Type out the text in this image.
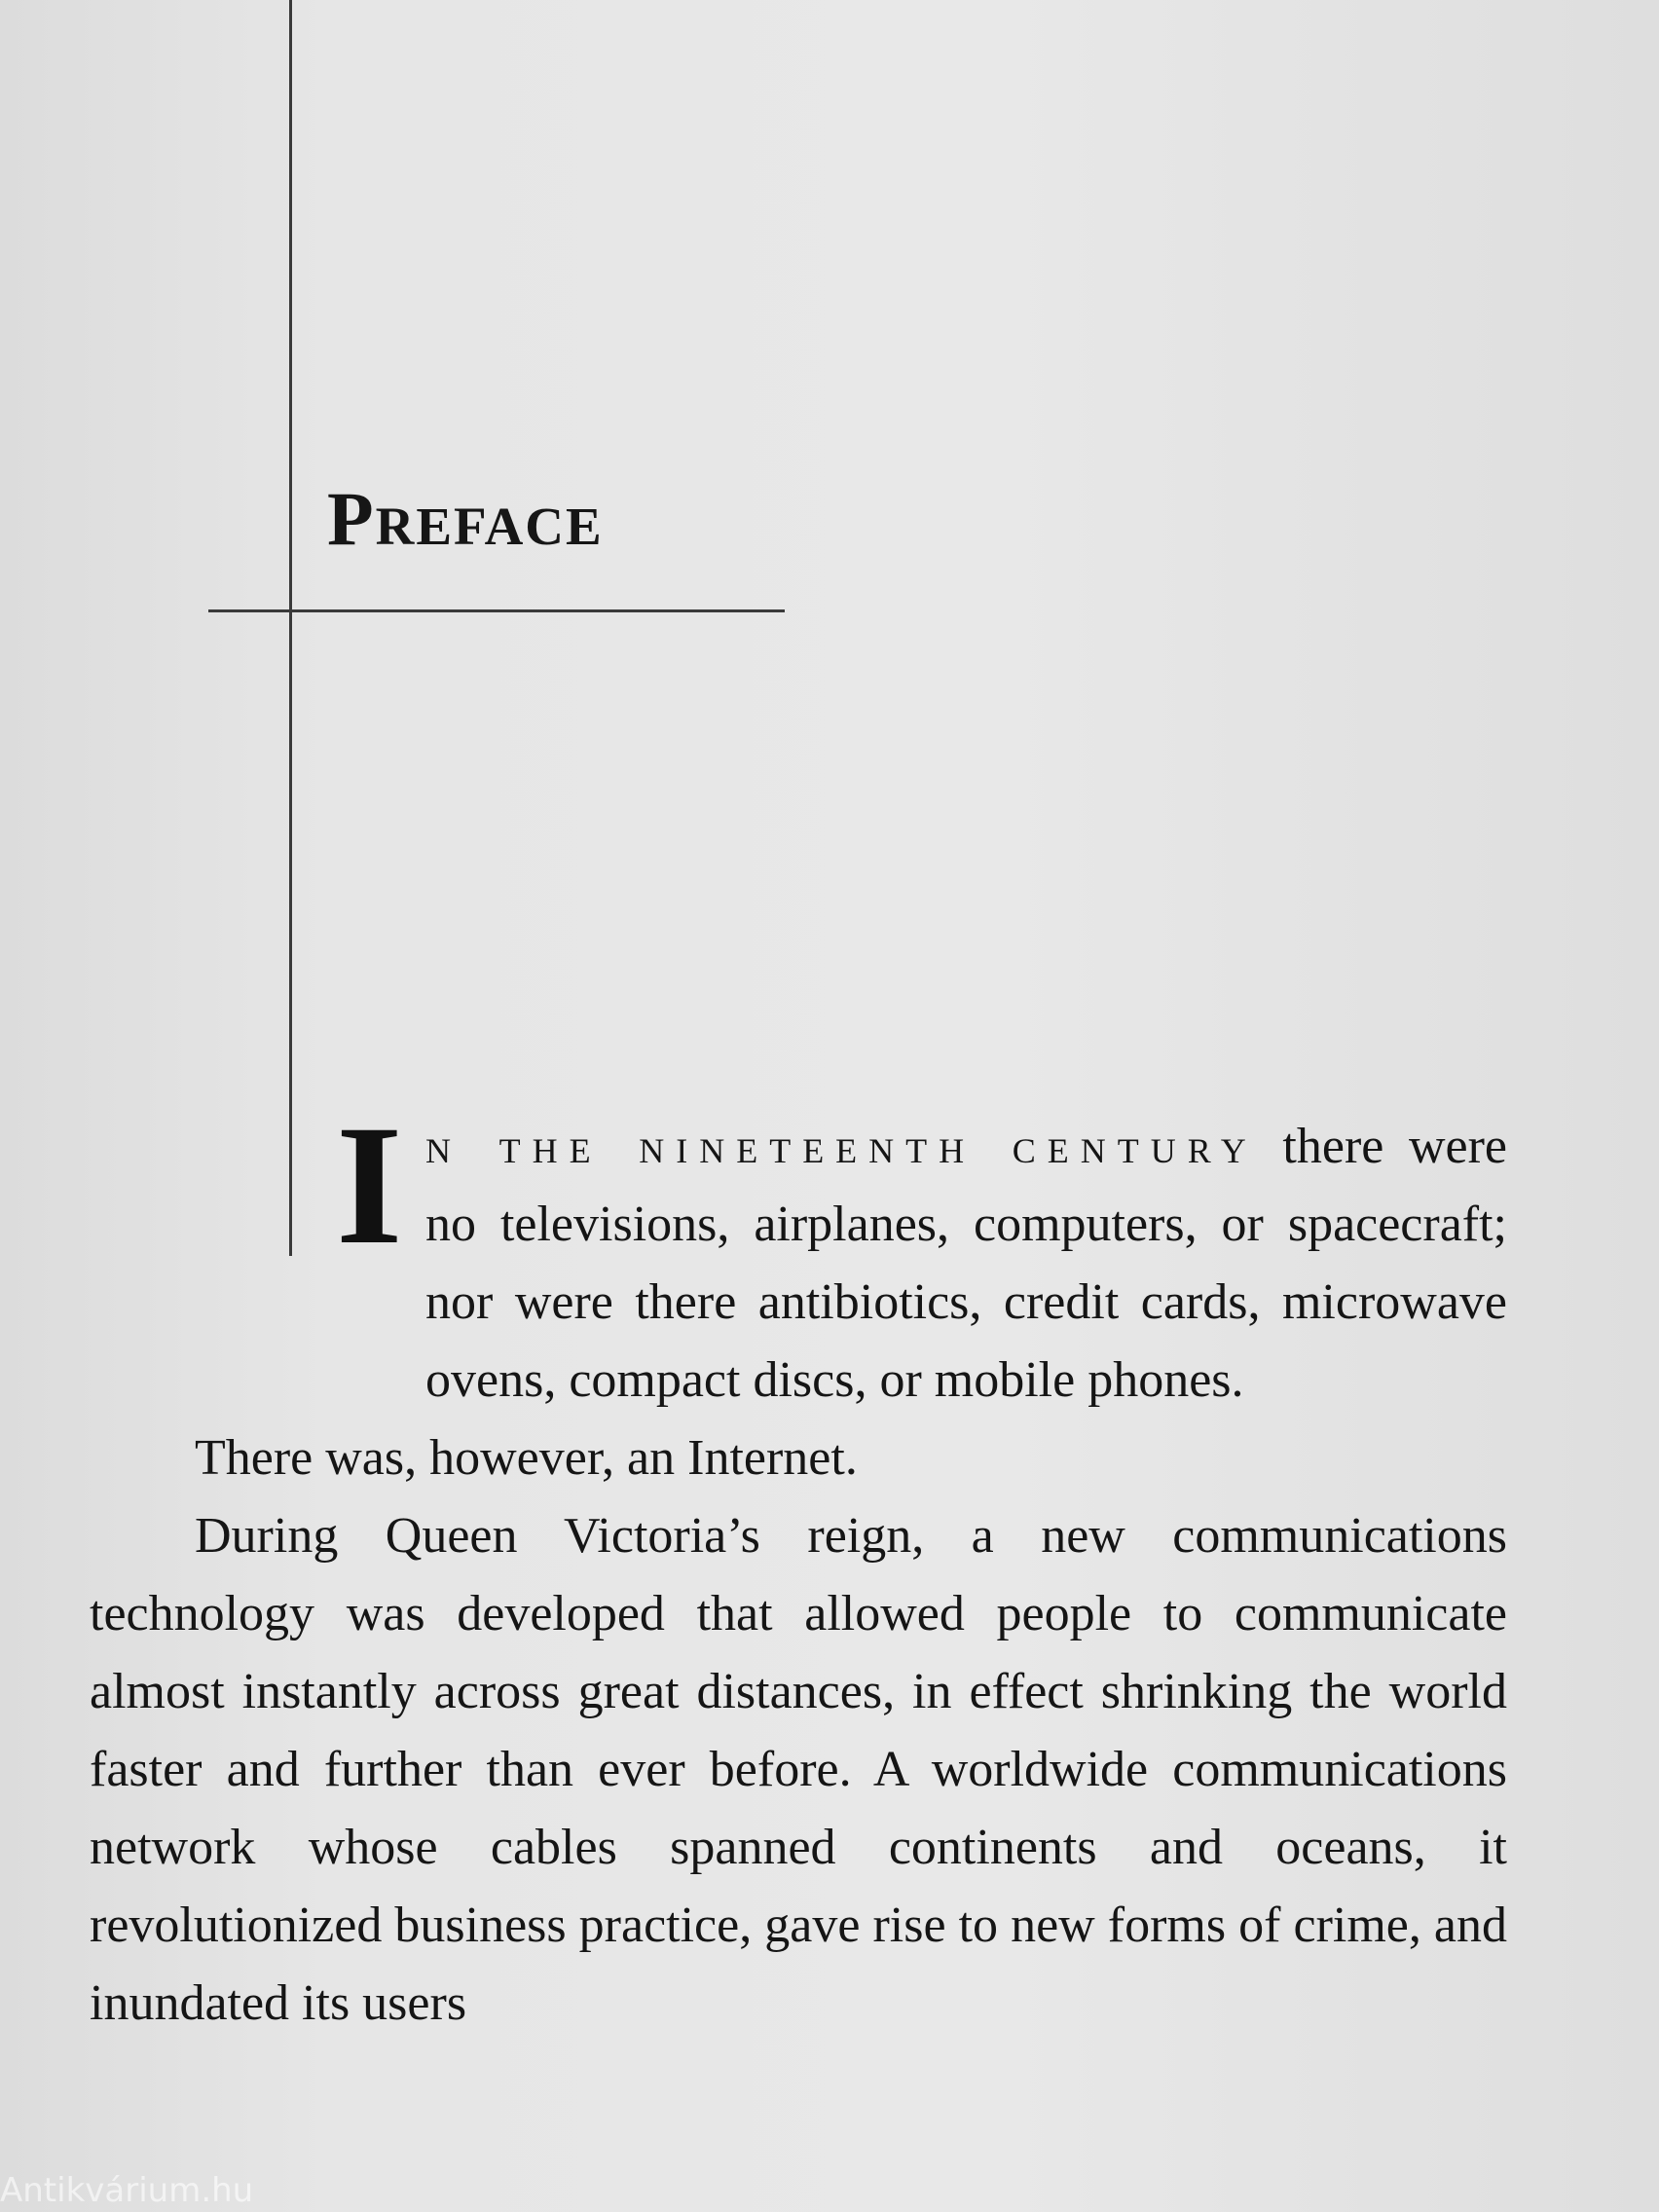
Preface
I n the nineteenth century there were no televisions, airplanes, computers, or spacecraft; nor were there antibiotics, credit cards, microwave ovens, compact discs, or mobile phones.
There was, however, an Internet.
During Queen Victoria’s reign, a new communications technology was developed that allowed people to communicate almost instantly across great distances, in effect shrinking the world faster and further than ever before. A worldwide communications network whose cables spanned continents and oceans, it revolutionized business practice, gave rise to new forms of crime, and inundated its users
Antikvárium.hu
